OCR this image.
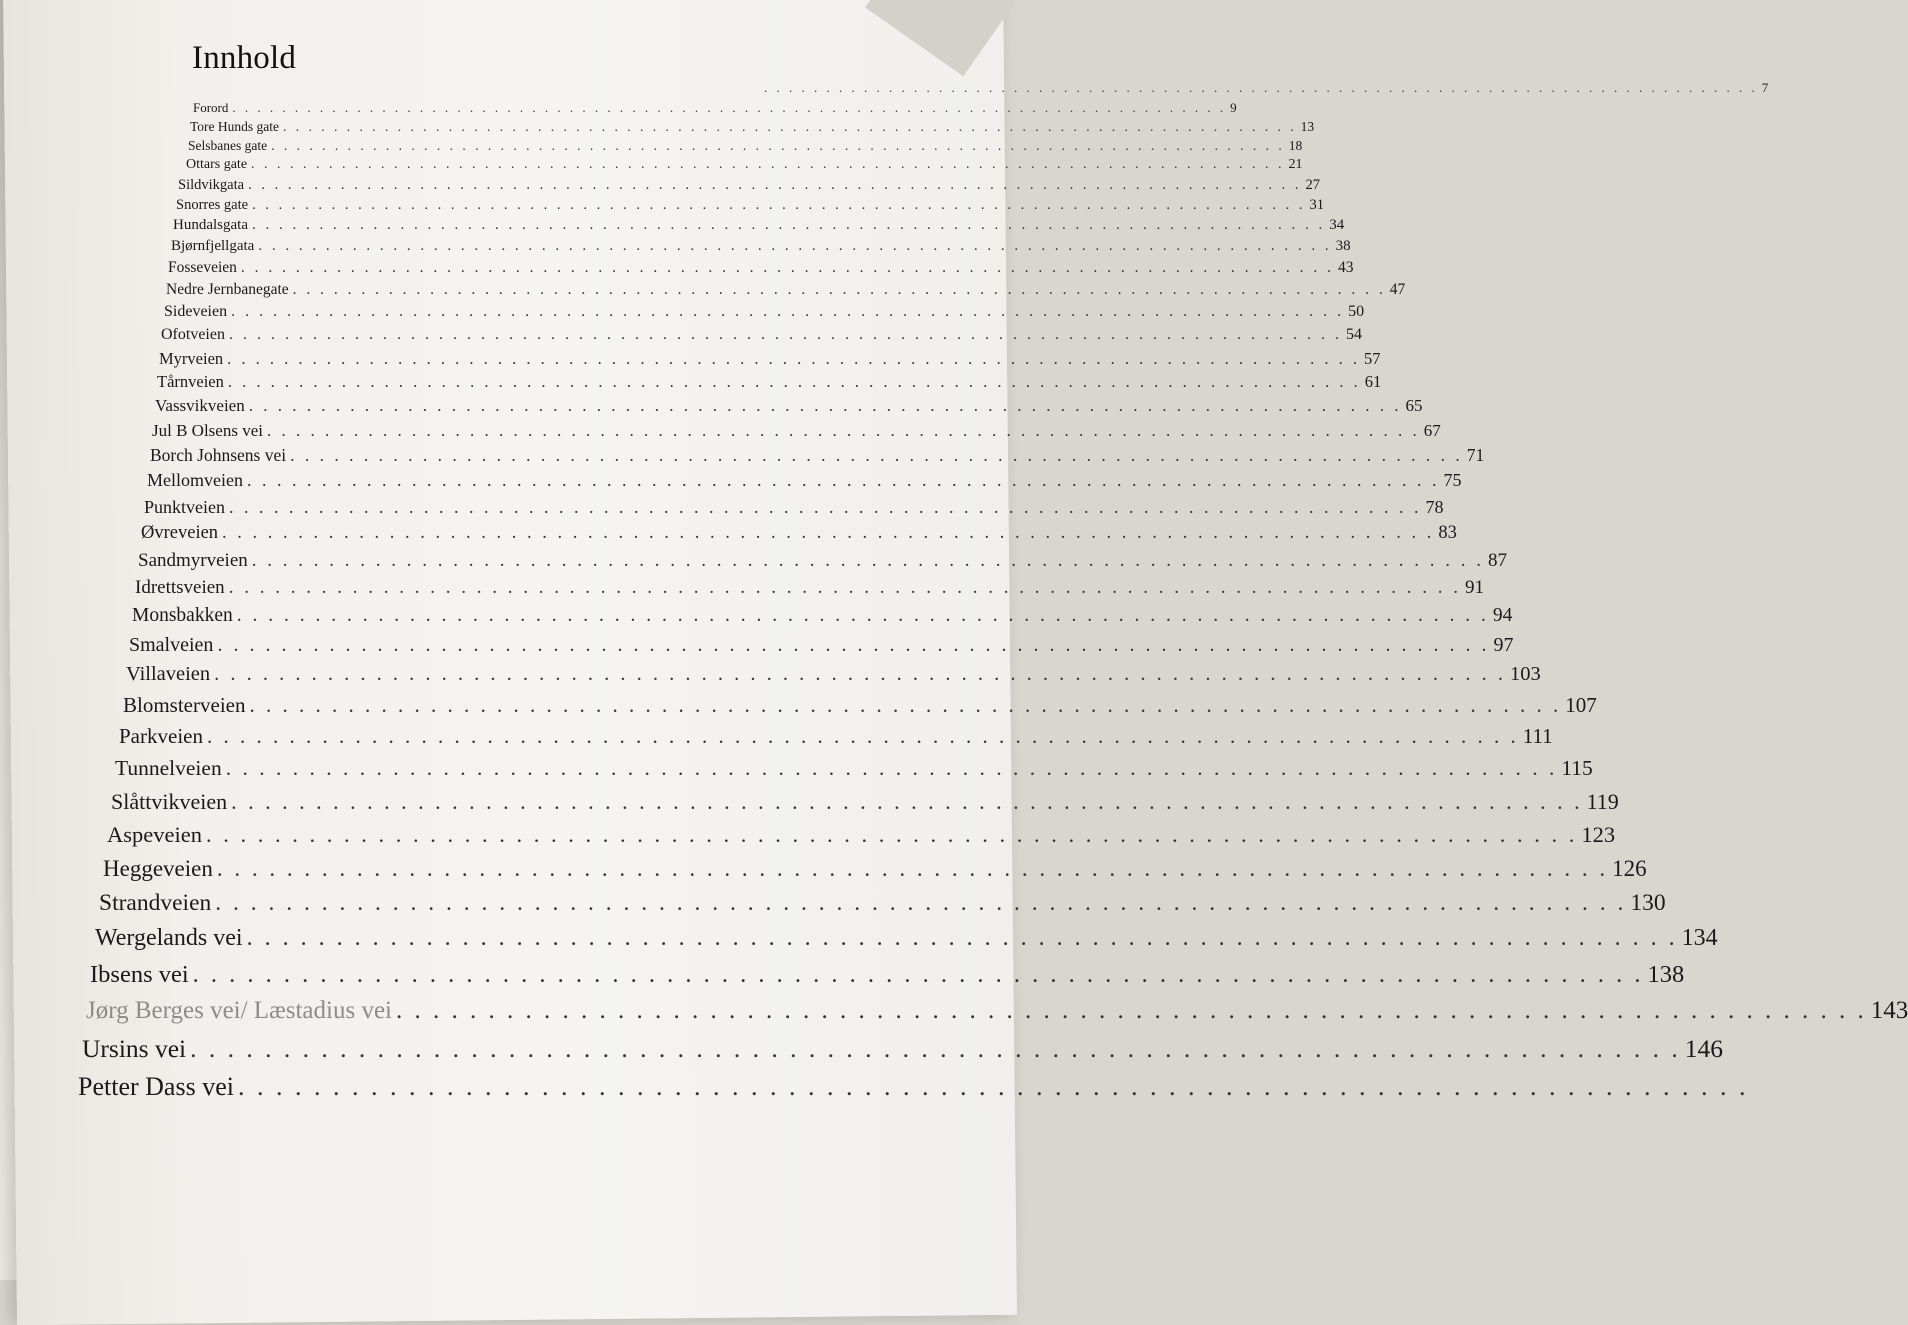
Innhold
. . . . . . . . . . . . . . . . . . . . . . . . . . . . . . . . . . . . . . . . . . . . . . . . . . . . . . . . . . . . . . . . . . . . . . . . . . . . . . . . 7
Forord . . . . . . . . . . . . . . . . . . . . . . . . . . . . . . . . . . . . . . . . . . . . . . . . . . . . . . . . . . . . . . . . . . . . . . . . . . . . . . . . 9
Tore Hunds gate . . . . . . . . . . . . . . . . . . . . . . . . . . . . . . . . . . . . . . . . . . . . . . . . . . . . . . . . . . . . . . . . . . . . . . . . . . . . . . . . 13
Selsbanes gate . . . . . . . . . . . . . . . . . . . . . . . . . . . . . . . . . . . . . . . . . . . . . . . . . . . . . . . . . . . . . . . . . . . . . . . . . . . . . . . . 18
Ottars gate . . . . . . . . . . . . . . . . . . . . . . . . . . . . . . . . . . . . . . . . . . . . . . . . . . . . . . . . . . . . . . . . . . . . . . . . . . . . . . . . 21
Sildvikgata . . . . . . . . . . . . . . . . . . . . . . . . . . . . . . . . . . . . . . . . . . . . . . . . . . . . . . . . . . . . . . . . . . . . . . . . . . . . . . . . 27
Snorres gate . . . . . . . . . . . . . . . . . . . . . . . . . . . . . . . . . . . . . . . . . . . . . . . . . . . . . . . . . . . . . . . . . . . . . . . . . . . . . . . . 31
Hundalsgata . . . . . . . . . . . . . . . . . . . . . . . . . . . . . . . . . . . . . . . . . . . . . . . . . . . . . . . . . . . . . . . . . . . . . . . . . . . . . . . . 34
Bjørnfjellgata . . . . . . . . . . . . . . . . . . . . . . . . . . . . . . . . . . . . . . . . . . . . . . . . . . . . . . . . . . . . . . . . . . . . . . . . . . . . . . . . 38
Fosseveien . . . . . . . . . . . . . . . . . . . . . . . . . . . . . . . . . . . . . . . . . . . . . . . . . . . . . . . . . . . . . . . . . . . . . . . . . . . . . . . . 43
Nedre Jernbanegate . . . . . . . . . . . . . . . . . . . . . . . . . . . . . . . . . . . . . . . . . . . . . . . . . . . . . . . . . . . . . . . . . . . . . . . . . . . . . . . . 47
Sideveien . . . . . . . . . . . . . . . . . . . . . . . . . . . . . . . . . . . . . . . . . . . . . . . . . . . . . . . . . . . . . . . . . . . . . . . . . . . . . . . . 50
Ofotveien . . . . . . . . . . . . . . . . . . . . . . . . . . . . . . . . . . . . . . . . . . . . . . . . . . . . . . . . . . . . . . . . . . . . . . . . . . . . . . . . 54
Myrveien . . . . . . . . . . . . . . . . . . . . . . . . . . . . . . . . . . . . . . . . . . . . . . . . . . . . . . . . . . . . . . . . . . . . . . . . . . . . . . . . 57
Tårnveien . . . . . . . . . . . . . . . . . . . . . . . . . . . . . . . . . . . . . . . . . . . . . . . . . . . . . . . . . . . . . . . . . . . . . . . . . . . . . . . . 61
Vassvikveien . . . . . . . . . . . . . . . . . . . . . . . . . . . . . . . . . . . . . . . . . . . . . . . . . . . . . . . . . . . . . . . . . . . . . . . . . . . . . . . . 65
Jul B Olsens vei . . . . . . . . . . . . . . . . . . . . . . . . . . . . . . . . . . . . . . . . . . . . . . . . . . . . . . . . . . . . . . . . . . . . . . . . . . . . . . . . 67
Borch Johnsens vei . . . . . . . . . . . . . . . . . . . . . . . . . . . . . . . . . . . . . . . . . . . . . . . . . . . . . . . . . . . . . . . . . . . . . . . . . . . . . . . . 71
Mellomveien . . . . . . . . . . . . . . . . . . . . . . . . . . . . . . . . . . . . . . . . . . . . . . . . . . . . . . . . . . . . . . . . . . . . . . . . . . . . . . . . 75
Punktveien . . . . . . . . . . . . . . . . . . . . . . . . . . . . . . . . . . . . . . . . . . . . . . . . . . . . . . . . . . . . . . . . . . . . . . . . . . . . . . . . 78
Øvreveien . . . . . . . . . . . . . . . . . . . . . . . . . . . . . . . . . . . . . . . . . . . . . . . . . . . . . . . . . . . . . . . . . . . . . . . . . . . . . . . . 83
Sandmyrveien . . . . . . . . . . . . . . . . . . . . . . . . . . . . . . . . . . . . . . . . . . . . . . . . . . . . . . . . . . . . . . . . . . . . . . . . . . . . . . . . 87
Idrettsveien . . . . . . . . . . . . . . . . . . . . . . . . . . . . . . . . . . . . . . . . . . . . . . . . . . . . . . . . . . . . . . . . . . . . . . . . . . . . . . . . 91
Monsbakken . . . . . . . . . . . . . . . . . . . . . . . . . . . . . . . . . . . . . . . . . . . . . . . . . . . . . . . . . . . . . . . . . . . . . . . . . . . . . . . . 94
Smalveien . . . . . . . . . . . . . . . . . . . . . . . . . . . . . . . . . . . . . . . . . . . . . . . . . . . . . . . . . . . . . . . . . . . . . . . . . . . . . . . . 97
Villaveien . . . . . . . . . . . . . . . . . . . . . . . . . . . . . . . . . . . . . . . . . . . . . . . . . . . . . . . . . . . . . . . . . . . . . . . . . . . . . . . . 103
Blomsterveien . . . . . . . . . . . . . . . . . . . . . . . . . . . . . . . . . . . . . . . . . . . . . . . . . . . . . . . . . . . . . . . . . . . . . . . . . . . . . . . . 107
Parkveien . . . . . . . . . . . . . . . . . . . . . . . . . . . . . . . . . . . . . . . . . . . . . . . . . . . . . . . . . . . . . . . . . . . . . . . . . . . . . . . . 111
Tunnelveien . . . . . . . . . . . . . . . . . . . . . . . . . . . . . . . . . . . . . . . . . . . . . . . . . . . . . . . . . . . . . . . . . . . . . . . . . . . . . . . . 115
Slåttvikveien . . . . . . . . . . . . . . . . . . . . . . . . . . . . . . . . . . . . . . . . . . . . . . . . . . . . . . . . . . . . . . . . . . . . . . . . . . . . . . . . 119
Aspeveien . . . . . . . . . . . . . . . . . . . . . . . . . . . . . . . . . . . . . . . . . . . . . . . . . . . . . . . . . . . . . . . . . . . . . . . . . . . . . . . . 123
Heggeveien . . . . . . . . . . . . . . . . . . . . . . . . . . . . . . . . . . . . . . . . . . . . . . . . . . . . . . . . . . . . . . . . . . . . . . . . . . . . . . . . 126
Strandveien . . . . . . . . . . . . . . . . . . . . . . . . . . . . . . . . . . . . . . . . . . . . . . . . . . . . . . . . . . . . . . . . . . . . . . . . . . . . . . . . 130
Wergelands vei . . . . . . . . . . . . . . . . . . . . . . . . . . . . . . . . . . . . . . . . . . . . . . . . . . . . . . . . . . . . . . . . . . . . . . . . . . . . . . . . 134
Ibsens vei . . . . . . . . . . . . . . . . . . . . . . . . . . . . . . . . . . . . . . . . . . . . . . . . . . . . . . . . . . . . . . . . . . . . . . . . . . . . . . . . 138
Jørg Berges vei/ Læstadius vei . . . . . . . . . . . . . . . . . . . . . . . . . . . . . . . . . . . . . . . . . . . . . . . . . . . . . . . . . . . . . . . . . . . . . . . . . . . . . . . . 143
Ursins vei . . . . . . . . . . . . . . . . . . . . . . . . . . . . . . . . . . . . . . . . . . . . . . . . . . . . . . . . . . . . . . . . . . . . . . . . . . . . . . . . 146
Petter Dass vei . . . . . . . . . . . . . . . . . . . . . . . . . . . . . . . . . . . . . . . . . . . . . . . . . . . . . . . . . . . . . . . . . . . . . . . . . . . . . . . .
